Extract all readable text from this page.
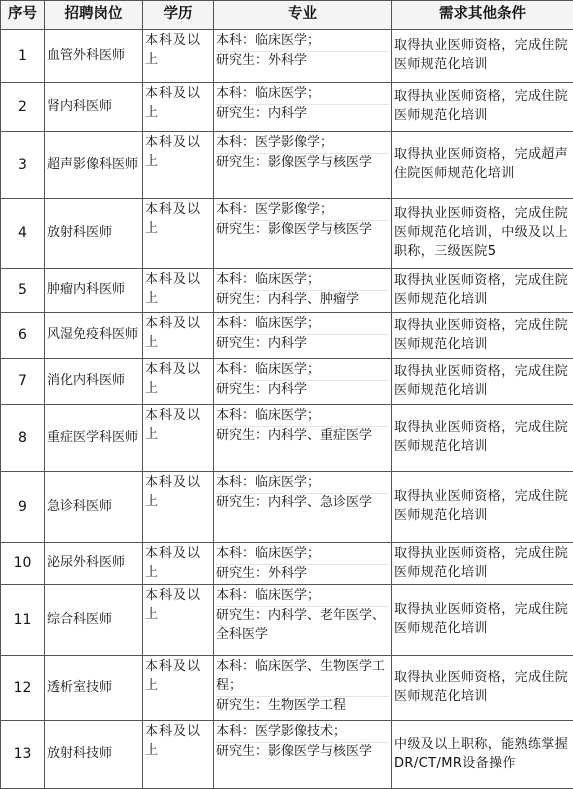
序号	招聘岗位	学历	专业	需求其他条件
1	血管外科医师	本科及以上	本科：临床医学；
研究生：外科学	取得执业医师资格，完成住院医师规范化培训
2	肾内科医师	本科及以上	本科：临床医学；
研究生：内科学	取得执业医师资格，完成住院医师规范化培训
3	超声影像科医师	本科及以上	本科：医学影像学；
研究生：影像医学与核医学	取得执业医师资格，完成超声住院医师规范化培训
4	放射科医师	本科及以上	本科：医学影像学；
研究生：影像医学与核医学	取得执业医师资格，完成住院医师规范化培训，中级及以上职称，三级医院5
5	肿瘤内科医师	本科及以上	本科：临床医学；
研究生：内科学、肿瘤学	取得执业医师资格，完成住院医师规范化培训
6	风湿免疫科医师	本科及以上	本科：临床医学；
研究生：内科学	取得执业医师资格，完成住院医师规范化培训
7	消化内科医师	本科及以上	本科：临床医学；
研究生：内科学	取得执业医师资格，完成住院医师规范化培训
8	重症医学科医师	本科及以上	本科：临床医学；
研究生：内科学、重症医学	取得执业医师资格，完成住院医师规范化培训
9	急诊科医师	本科及以上	本科：临床医学；
研究生：内科学、急诊医学	取得执业医师资格，完成住院医师规范化培训
10	泌尿外科医师	本科及以上	本科：临床医学；
研究生：外科学	取得执业医师资格，完成住院医师规范化培训
11	综合科医师	本科及以上	本科：临床医学；
研究生：内科学、老年医学、全科医学	取得执业医师资格，完成住院医师规范化培训
12	透析室技师	本科及以上	本科：临床医学、生物医学工程；
研究生：生物医学工程	取得执业医师资格，完成住院医师规范化培训
13	放射科技师	本科及以上	本科：医学影像技术；
研究生：影像医学与核医学	中级及以上职称，能熟练掌握DR/CT/MR设备操作
